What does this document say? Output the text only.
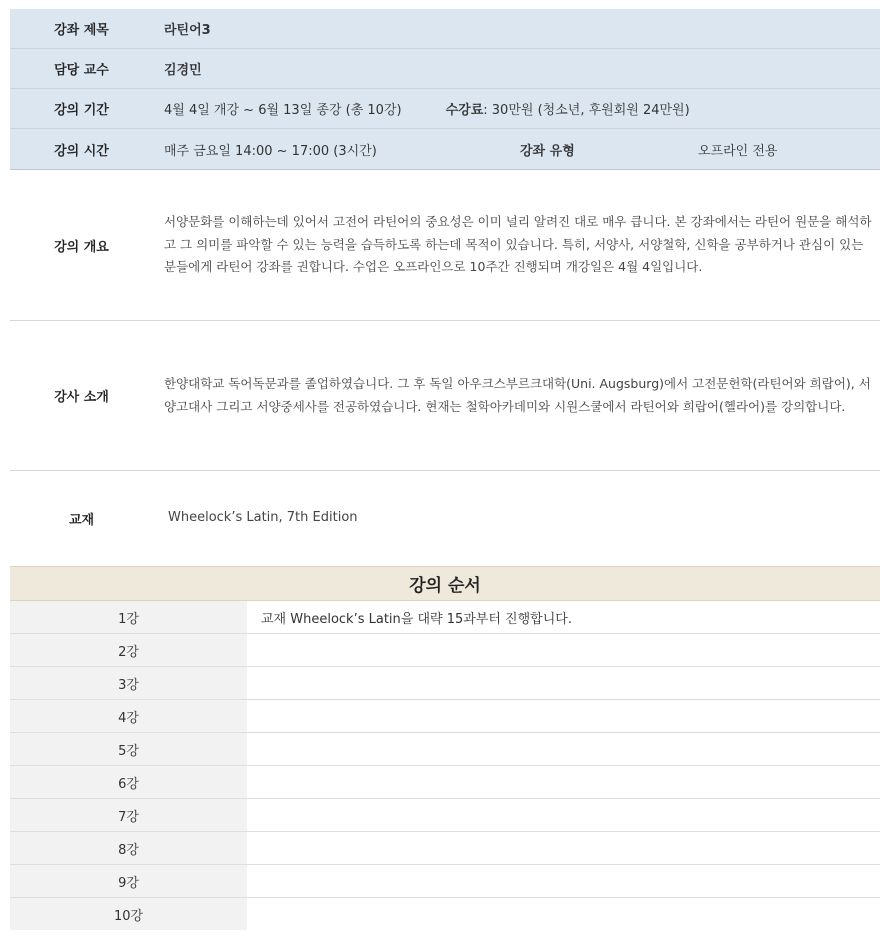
강좌 제목	라틴어3
담당 교수	김경민
강의 기간	4월 4일 개강 ~ 6월 13일 종강 (총 10강)	수강료: 30만원 (청소년, 후원회원 24만원)
강의 시간	매주 금요일 14:00 ~ 17:00 (3시간)	강좌 유형	오프라인 전용
강의 개요
서양문화를 이해하는데 있어서 고전어 라틴어의 중요성은 이미 널리 알려진 대로 매우 큽니다. 본 강좌에서는 라틴어 원문을 해석하고 그 의미를 파악할 수 있는 능력을 습득하도록 하는데 목적이 있습니다. 특히, 서양사, 서양철학, 신학을 공부하거나 관심이 있는 분들에게 라틴어 강좌를 권합니다. 수업은 오프라인으로 10주간 진행되며 개강일은 4월 4일입니다.
강사 소개
한양대학교 독어독문과를 졸업하였습니다. 그 후 독일 아우크스부르크대학(Uni. Augsburg)에서 고전문헌학(라틴어와 희랍어), 서양고대사 그리고 서양중세사를 전공하였습니다. 현재는 철학아카데미와 시원스쿨에서 라틴어와 희랍어(헬라어)를 강의합니다.
교재	Wheelock’s Latin, 7th Edition
강의 순서
1강	교재 Wheelock’s Latin을 대략 15과부터 진행합니다.
2강
3강
4강
5강
6강
7강
8강
9강
10강
